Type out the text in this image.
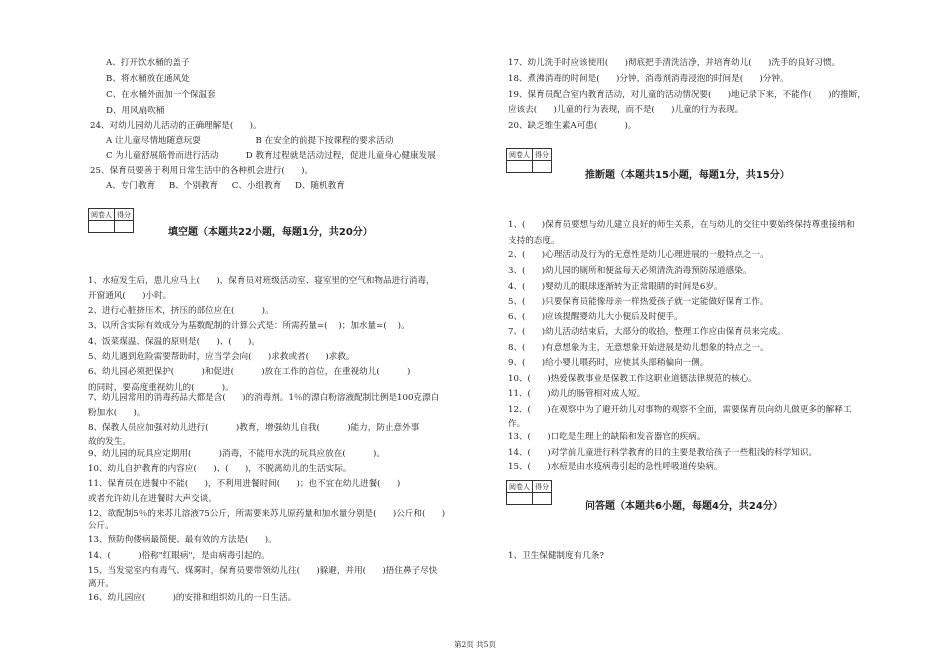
A、打开饮水桶的盖子
B、将水桶放在通风处
C、在水桶外面加一个保温套
D、用风扇吹桶
24、对幼儿园幼儿活动的正确理解是(      )。
A 让儿童尽情地随意玩耍                    B 在安全的前提下按课程的要求活动
C 为儿童舒展筋骨而进行活动          D 教育过程就是活动过程，促进儿童身心健康发展
25、保育员要善于利用日常生活中的各种机会进行(      )。
A、专门教育     B、个别教育     C、小组教育     D、随机教育
阅卷人	得分

填空题（本题共22小题，每题1分，共20分）
1、水痘发生后，患儿应马上(      )，保育员对班级活动室、寝室里的空气和物品进行消毒，
开窗通风(      )小时。
2、进行心脏挤压术，挤压的部位应在(          )。
3、以所含实际有效成分为基数配制的计算公式是：所需药量=(    )；加水量=(    )。
4、饭菜煤温、保温的原则是(      )、(      )。
5、幼儿遇到危险需要帮助时，应当学会向(      )求救或者(      )求救。
6、幼儿园必须把保护(          )和促进(          )放在工作的首位，在重视幼儿(          )
的同时，要高度重视幼儿的(          )。
7、幼儿园常用的消毒药品大都是含(      )的消毒剂。1％的漂白粉溶液配制比例是100克漂白
粉加水(      )。
8、保教人员应加强对幼儿进行(          )教育，增强幼儿自我(          )能力，防止意外事
故的发生。
9、幼儿园的玩具应定期用(          )消毒，不能用水洗的玩具应放在(          )。
10、幼儿自护教育的内容应(      )、(      )，不脱离幼儿的生活实际。
11、保育员在进餐中不能(      )，不利用进餐时间(      )；也不宜在幼儿进餐(      )
或者允许幼儿在进餐时大声交谈。
12、欲配制5％的来苏儿溶液75公斤，所需要来苏儿原药量和加水量分别是(      )公斤和(      )
公斤。
13、预防佝偻病最简便、最有效的方法是(      )。
14、(          )俗称"红眼病"，是由病毒引起的。
15、当发觉室内有毒气、煤雾时，保育员要带领幼儿往(      )躲避，并用(      )捂住鼻子尽快
离开。
16、幼儿园应(          )的安排和组织幼儿的一日生活。
17、幼儿洗手时应该使用(      )彻底把手清洗洁净，并培育幼儿(      )洗手的良好习惯。
18、煮沸消毒的时间是(      )分钟，消毒剂消毒浸泡的时间是(      )分钟。
19、保育员配合室内教育活动，对儿童的活动情况要(      )地记录下来，不能作(      )的推断，
应该去(      )儿童的行为表现，而不是(      )儿童的行为表现。
20、缺乏维生素A可患(          )。
阅卷人	得分

推断题（本题共15小题，每题1分，共15分）
1、(      )保育员要想与幼儿建立良好的师生关系，在与幼儿的交往中要始终保持尊重接纳和
支持的态度。
2、(      )心理活动及行为的无意性是幼儿心理进展的一般特点之一。
3、(      )幼儿园的厕所和便盆每天必须清洗消毒预防尿道感染。
4、(      )婴幼儿的眼球逐渐转为正常眼睛的时间是6岁。
5、(      )只要保育员能像母亲一样热爱孩子就一定能做好保育工作。
6、(      )应该提醒婴幼儿大小便后及时便手。
7、(      )幼儿活动结束后，大部分的收拾，整理工作应由保育员来完成。
8、(      )有意想象为主，无意想象开始进展是幼儿想象的特点之一。
9、(      )给小婴儿喂药时，应使其头部稍偏向一侧。
10、(      )热爱保教事业是保教工作这职业道德法律规范的核心。
11、(      )幼儿的肠管相对成人短。
12、(      )在观察中为了避开幼儿对事物的观察不全面，需要保育员向幼儿做更多的解释工
作。
13、(      )口吃是生理上的缺陷和发音器官的疾病。
14、(      )对学前儿童进行科学教育的目的主要是教给孩子一些粗浅的科学知识。
15、(      )水痘是由水疫病毒引起的急性呼吸道传染病。
阅卷人	得分

问答题（本题共6小题，每题4分，共24分）
1、卫生保健制度有几条?
第2页 共5页
